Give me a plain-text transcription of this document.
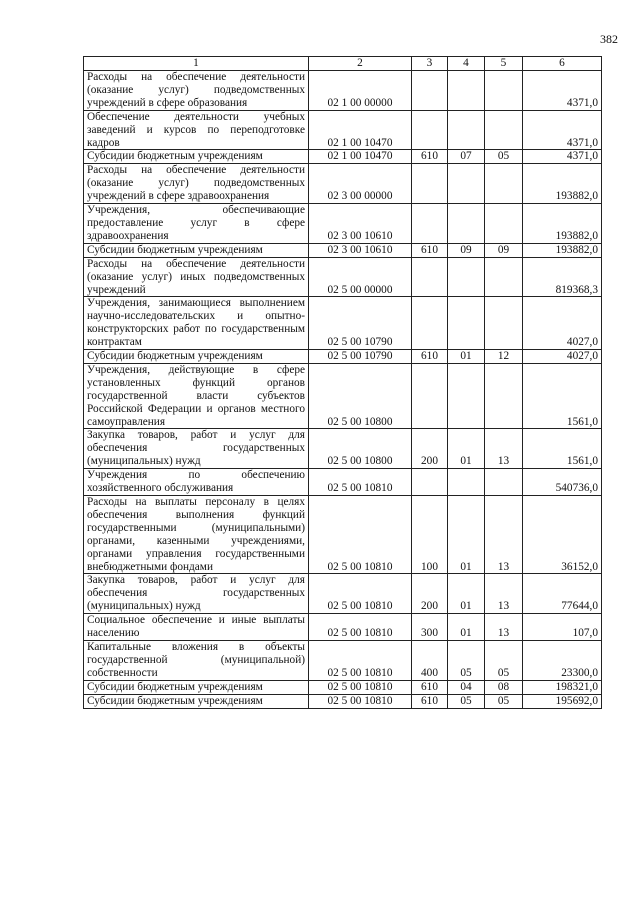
382
1	2	3	4	5	6
Расходы на обеспечение деятельности (оказание услуг) подведомственных учреждений в сфере образования	02 1 00 00000				4371,0
Обеспечение деятельности учебных заведений и курсов по переподготовке кадров	02 1 00 10470				4371,0
Субсидии бюджетным учреждениям	02 1 00 10470	610	07	05	4371,0
Расходы на обеспечение деятельности (оказание услуг) подведомственных учреждений в сфере здравоохранения	02 3 00 00000				193882,0
Учреждения, обеспечивающие предоставление услуг в сфере здравоохранения	02 3 00 10610				193882,0
Субсидии бюджетным учреждениям	02 3 00 10610	610	09	09	193882,0
Расходы на обеспечение деятельности (оказание услуг) иных подведомственных учреждений	02 5 00 00000				819368,3
Учреждения, занимающиеся выполнением научно-исследовательских и опытно-конструкторских работ по государственным контрактам	02 5 00 10790				4027,0
Субсидии бюджетным учреждениям	02 5 00 10790	610	01	12	4027,0
Учреждения, действующие в сфере установленных функций органов государственной власти субъектов Российской Федерации и органов местного самоуправления	02 5 00 10800				1561,0
Закупка товаров, работ и услуг для обеспечения государственных (муниципальных) нужд	02 5 00 10800	200	01	13	1561,0
Учреждения по обеспечению хозяйственного обслуживания	02 5 00 10810				540736,0
Расходы на выплаты персоналу в целях обеспечения выполнения функций государственными (муниципальными) органами, казенными учреждениями, органами управления государственными внебюджетными фондами	02 5 00 10810	100	01	13	36152,0
Закупка товаров, работ и услуг для обеспечения государственных (муниципальных) нужд	02 5 00 10810	200	01	13	77644,0
Социальное обеспечение и иные выплаты населению	02 5 00 10810	300	01	13	107,0
Капитальные вложения в объекты государственной (муниципальной) собственности	02 5 00 10810	400	05	05	23300,0
Субсидии бюджетным учреждениям	02 5 00 10810	610	04	08	198321,0
Субсидии бюджетным учреждениям	02 5 00 10810	610	05	05	195692,0
